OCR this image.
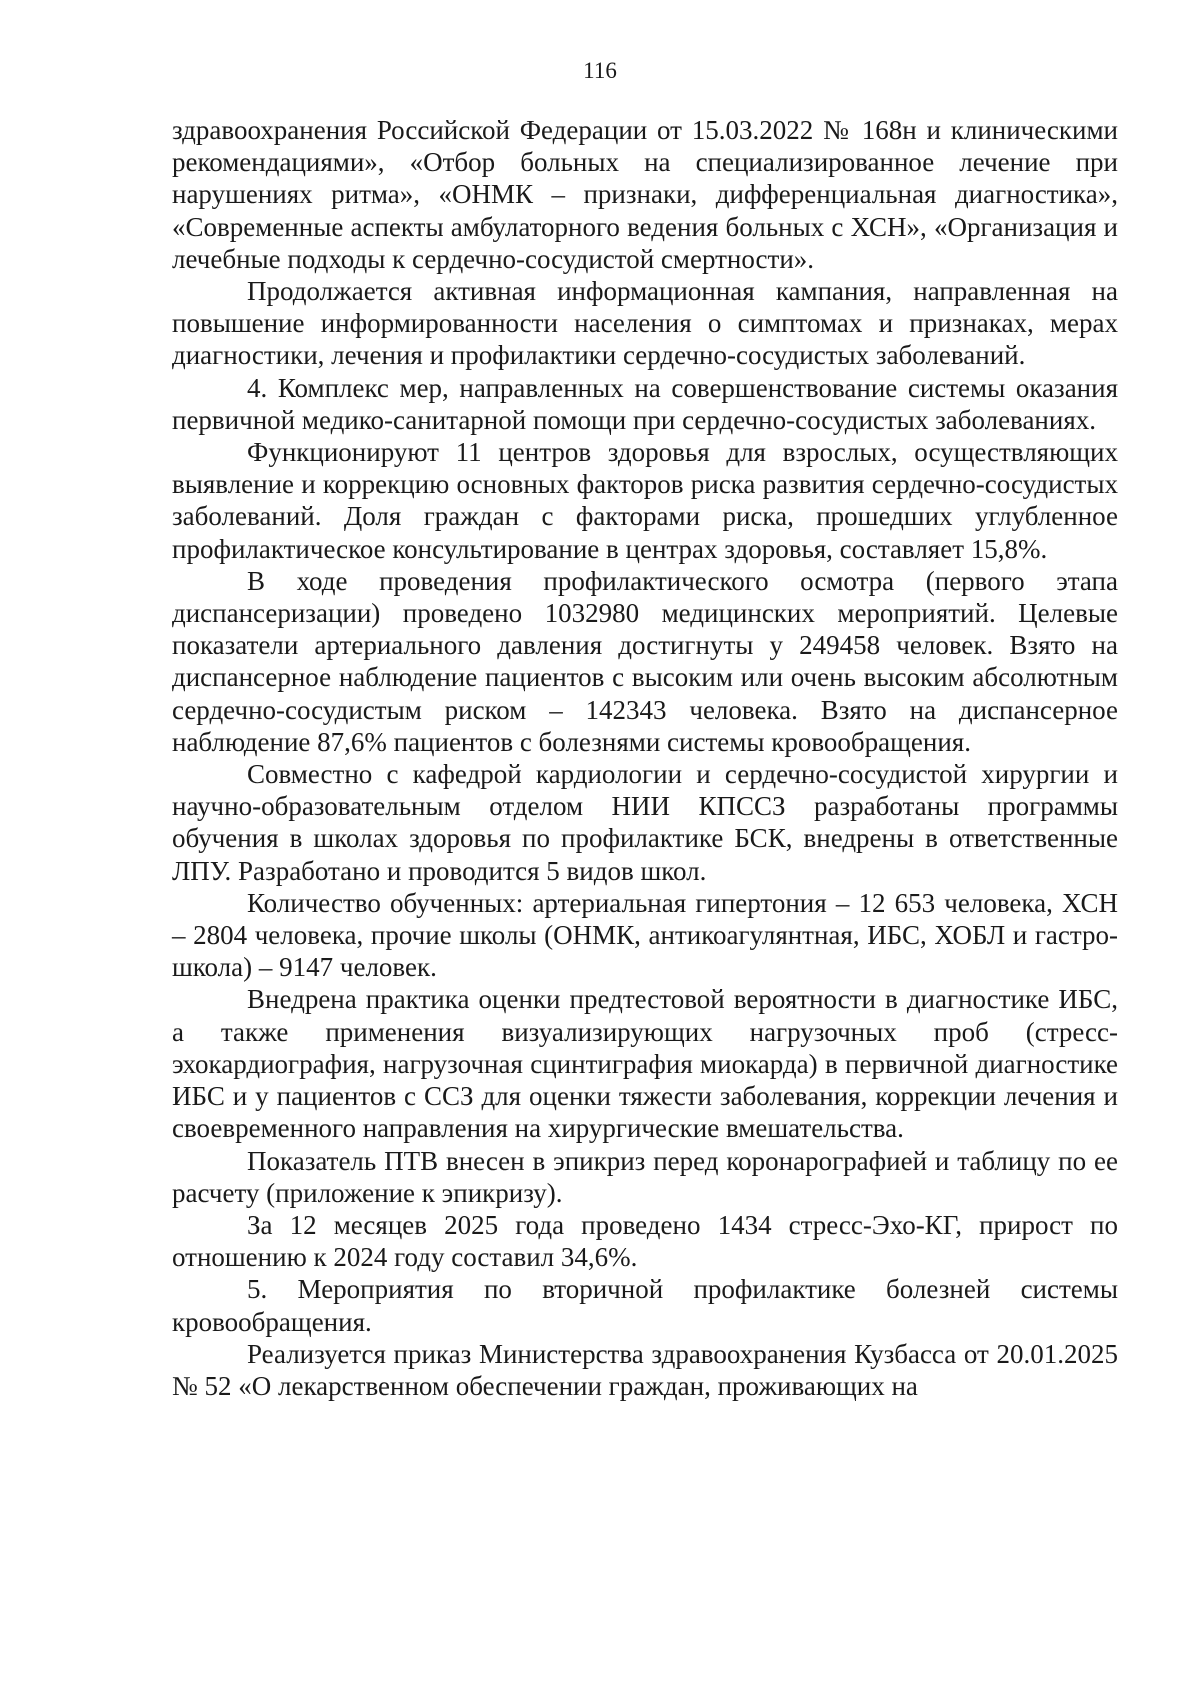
116

здравоохранения Российской Федерации от 15.03.2022 № 168н и клиническими рекомендациями», «Отбор больных на специализированное лечение при нарушениях ритма», «ОНМК – признаки, дифференциальная диагностика», «Современные аспекты амбулаторного ведения больных с ХСН», «Организация и лечебные подходы к сердечно-сосудистой смертности».

Продолжается активная информационная кампания, направленная на повышение информированности населения о симптомах и признаках, мерах диагностики, лечения и профилактики сердечно-сосудистых заболеваний.

4. Комплекс мер, направленных на совершенствование системы оказания первичной медико-санитарной помощи при сердечно-сосудистых заболеваниях.

Функционируют 11 центров здоровья для взрослых, осуществляющих выявление и коррекцию основных факторов риска развития сердечно-сосудистых заболеваний. Доля граждан с факторами риска, прошедших углубленное профилактическое консультирование в центрах здоровья, составляет 15,8%.

В ходе проведения профилактического осмотра (первого этапа диспансеризации) проведено 1032980 медицинских мероприятий. Целевые показатели артериального давления достигнуты у 249458 человек. Взято на диспансерное наблюдение пациентов с высоким или очень высоким абсолютным сердечно-сосудистым риском – 142343 человека. Взято на диспансерное наблюдение 87,6% пациентов с болезнями системы кровообращения.

Совместно с кафедрой кардиологии и сердечно-сосудистой хирургии и научно-образовательным отделом НИИ КПССЗ разработаны программы обучения в школах здоровья по профилактике БСК, внедрены в ответственные ЛПУ. Разработано и проводится 5 видов школ.

Количество обученных: артериальная гипертония – 12 653 человека, ХСН – 2804 человека, прочие школы (ОНМК, антикоагулянтная, ИБС, ХОБЛ и гастро-школа) – 9147 человек.

Внедрена практика оценки предтестовой вероятности в диагностике ИБС, а также применения визуализирующих нагрузочных проб (стресс-эхокардиография, нагрузочная сцинтиграфия миокарда) в первичной диагностике ИБС и у пациентов с ССЗ для оценки тяжести заболевания, коррекции лечения и своевременного направления на хирургические вмешательства.

Показатель ПТВ внесен в эпикриз перед коронарографией и таблицу по ее расчету (приложение к эпикризу).

За 12 месяцев 2025 года проведено 1434 стресс-Эхо-КГ, прирост по отношению к 2024 году составил 34,6%.

5. Мероприятия по вторичной профилактике болезней системы кровообращения.

Реализуется приказ Министерства здравоохранения Кузбасса от 20.01.2025 № 52 «О лекарственном обеспечении граждан, проживающих на
